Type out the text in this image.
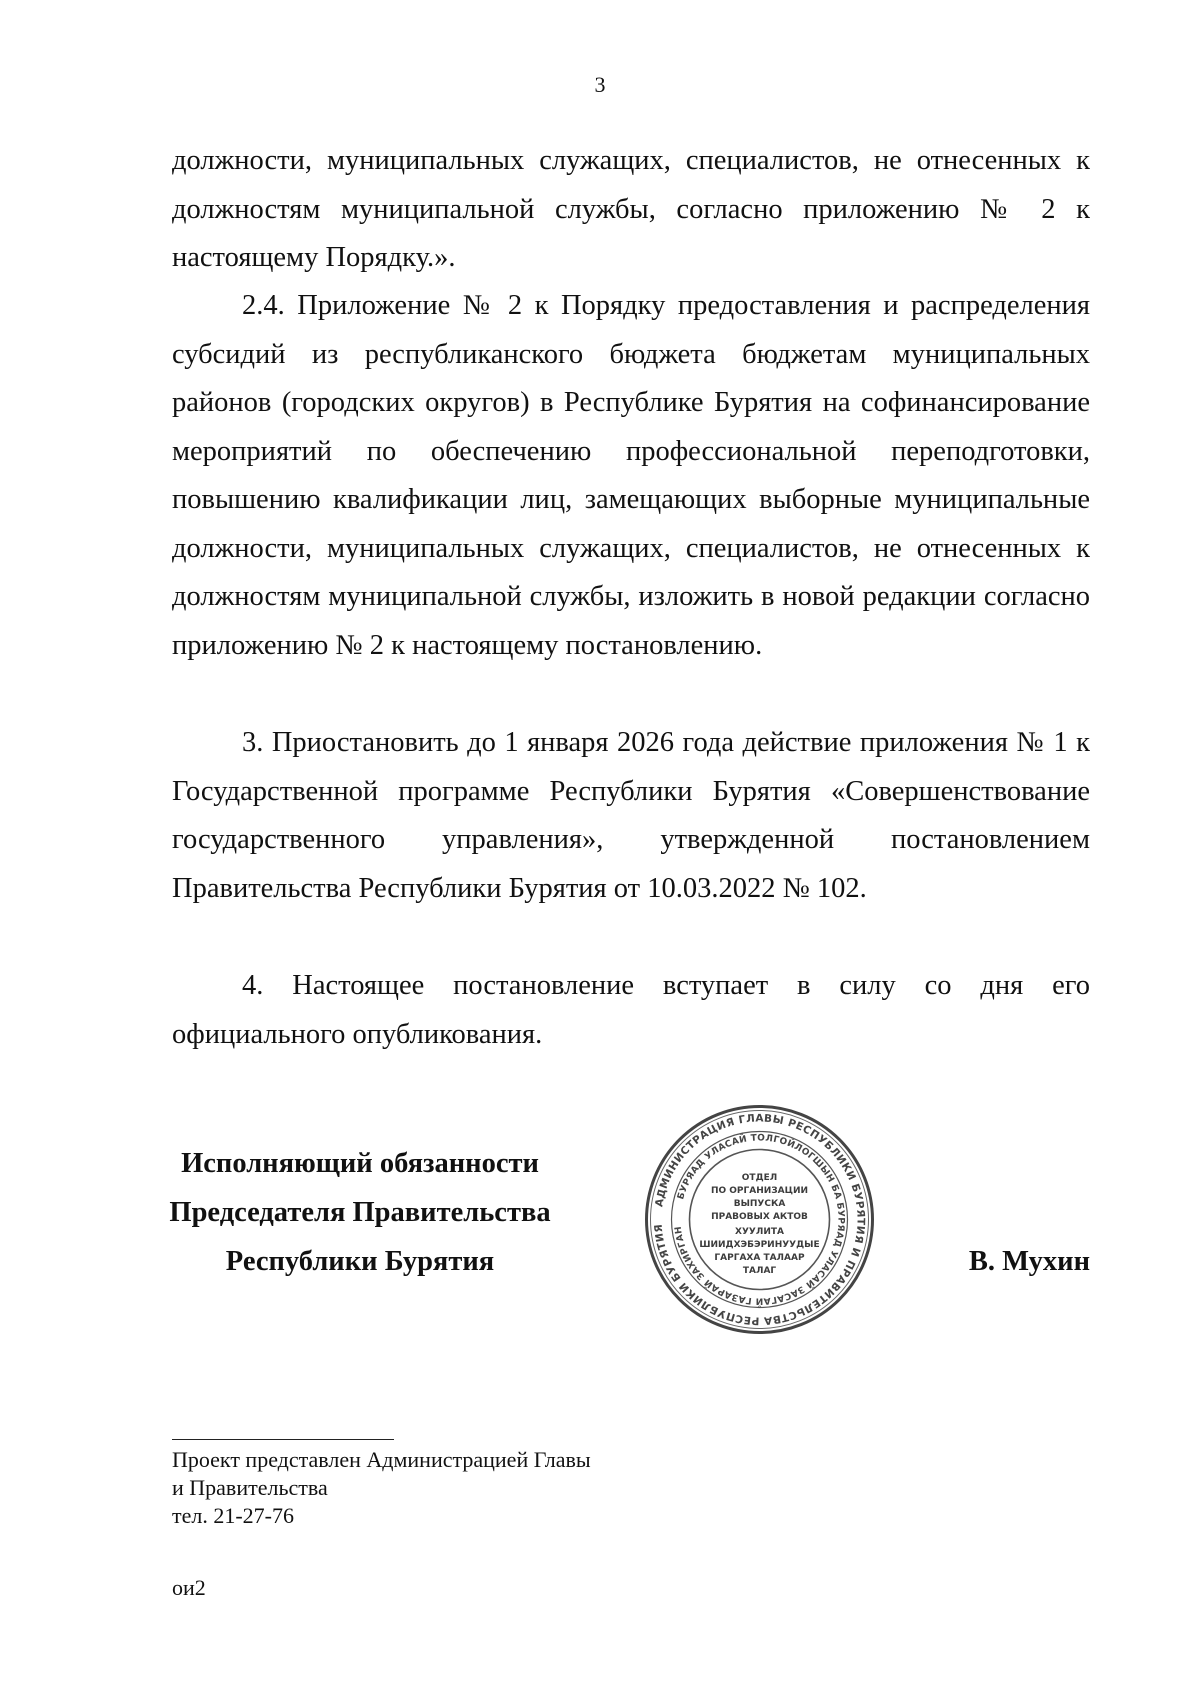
3

должности, муниципальных служащих, специалистов, не отнесенных к должностям муниципальной службы, согласно приложению № 2 к настоящему Порядку.».

2.4. Приложение № 2 к Порядку предоставления и распределения субсидий из республиканского бюджета бюджетам муниципальных районов (городских округов) в Республике Бурятия на софинансирование мероприятий по обеспечению профессиональной переподготовки, повышению квалификации лиц, замещающих выборные муниципальные должности, муниципальных служащих, специалистов, не отнесенных к должностям муниципальной службы, изложить в новой редакции согласно приложению № 2 к настоящему постановлению.

3. Приостановить до 1 января 2026 года действие приложения № 1 к Государственной программе Республики Бурятия «Совершенствование государственного управления», утвержденной постановлением Правительства Республики Бурятия от 10.03.2022 № 102.

4. Настоящее постановление вступает в силу со дня его официального опубликования.

Исполняющий обязанности
Председателя Правительства
Республики Бурятия	В. Мухин
АДМИНИСТРАЦИЯ ГЛАВЫ РЕСПУБЛИКИ БУРЯТИЯ И ПРАВИТЕЛЬСТВА РЕСПУБЛИКИ БУРЯТИЯ
БУРЯАД УЛАСАЙ ТОЛГОЙЛОГШЫН БА БУРЯАД УЛАСАЙ ЗАСАГАЙ ГАЗАРАЙ ЗАХИРГАН
ОТДЕЛ
ПО ОРГАНИЗАЦИИ
ВЫПУСКА
ПРАВОВЫХ АКТОВ
ХУУЛИТА
ШИИДХЭБЭРИНУУДЫЕ
ГАРГАХА ТАЛААР
ТАЛАГ
Проект представлен Администрацией Главы
и Правительства
тел. 21-27-76
ои2
